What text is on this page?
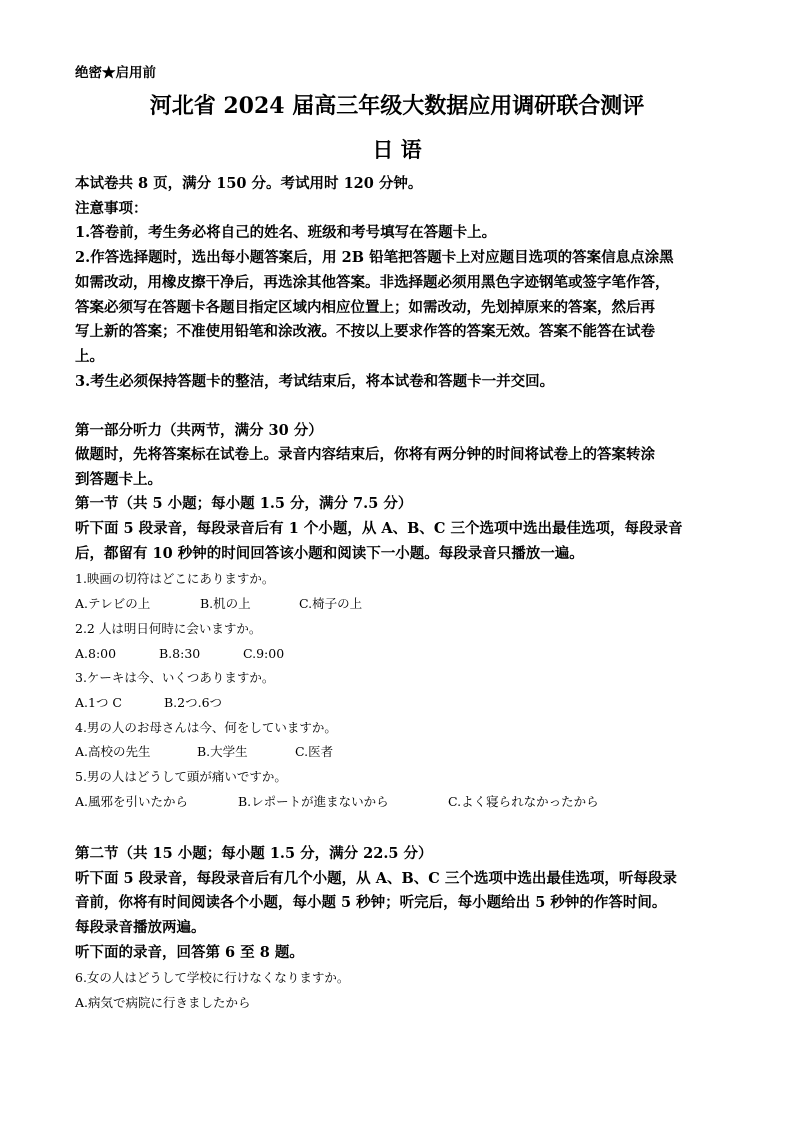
绝密★启用前
河北省 2024 届高三年级大数据应用调研联合测评
日 语
本试卷共 8 页，满分 150 分。考试用时 120 分钟。
注意事项：
1.答卷前，考生务必将自己的姓名、班级和考号填写在答题卡上。
2.作答选择题时，选出每小题答案后，用 2B 铅笔把答题卡上对应题目选项的答案信息点涂黑
如需改动，用橡皮擦干净后，再选涂其他答案。非选择题必须用黑色字迹钢笔或签字笔作答，
答案必须写在答题卡各题目指定区域内相应位置上；如需改动，先划掉原来的答案，然后再
写上新的答案；不准使用铅笔和涂改液。不按以上要求作答的答案无效。答案不能答在试卷
上。
3.考生必须保持答题卡的整洁，考试结束后，将本试卷和答题卡一并交回。
第一部分听力（共两节，满分 30 分）
做题时，先将答案标在试卷上。录音内容结束后，你将有两分钟的时间将试卷上的答案转涂
到答题卡上。
第一节（共 5 小题；每小题 1.5 分，满分 7.5 分）
听下面 5 段录音，每段录音后有 1 个小题，从 A、B、C 三个选项中选出最佳选项，每段录音
后，都留有 10 秒钟的时间回答该小题和阅读下一小题。每段录音只播放一遍。
1.映画の切符はどこにありますか。
A.テレビの上	B.机の上	C.椅子の上
2.2 人は明日何時に会いますか。
A.8:00	B.8:30	C.9:00
3.ケーキは今、いくつありますか。
A.1つ C	B.2つ.6つ
4.男の人のお母さんは今、何をしていますか。
A.高校の先生	B.大学生	C.医者
5.男の人はどうして頭が痛いですか。
A.風邪を引いたから	B.レポートが進まないから	C.よく寝られなかったから
第二节（共 15 小题；每小题 1.5 分，满分 22.5 分）
听下面 5 段录音，每段录音后有几个小题，从 A、B、C 三个选项中选出最佳选项，听每段录
音前，你将有时间阅读各个小题，每小题 5 秒钟；听完后，每小题给出 5 秒钟的作答时间。
每段录音播放两遍。
听下面的录音，回答第 6 至 8 题。
6.女の人はどうして学校に行けなくなりますか。
A.病気で病院に行きましたから
